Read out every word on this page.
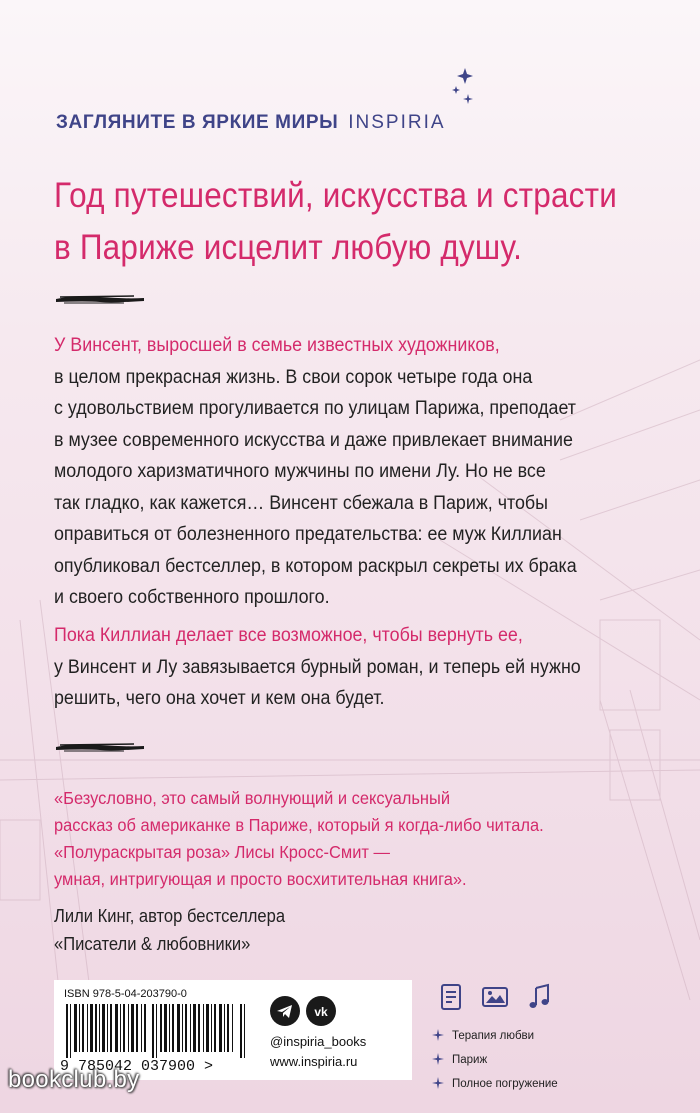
ЗАГЛЯНИТЕ В ЯРКИЕ МИРЫ INSPIRIA
Год путешествий, искусства и страсти
в Париже исцелит любую душу.
У Винсент, выросшей в семье известных художников,
в целом прекрасная жизнь. В свои сорок четыре года она
с удовольствием прогуливается по улицам Парижа, преподает
в музее современного искусства и даже привлекает внимание
молодого харизматичного мужчины по имени Лу. Но не все
так гладко, как кажется… Винсент сбежала в Париж, чтобы
оправиться от болезненного предательства: ее муж Киллиан
опубликовал бестселлер, в котором раскрыл секреты их брака
и своего собственного прошлого.
Пока Киллиан делает все возможное, чтобы вернуть ее,
у Винсент и Лу завязывается бурный роман, и теперь ей нужно
решить, чего она хочет и кем она будет.
«Безусловно, это самый волнующий и сексуальный
рассказ об американке в Париже, который я когда-либо читала.
«Полураскрытая роза» Лисы Кросс-Смит —
умная, интригующая и просто восхитительная книга».
Лили Кинг, автор бестселлера
«Писатели & любовники»
ISBN 978-5-04-203790-0
9 785042 037900 >
vk
@inspiria_books
www.inspiria.ru
Терапия любви
Париж
Полное погружение
bookclub.by
